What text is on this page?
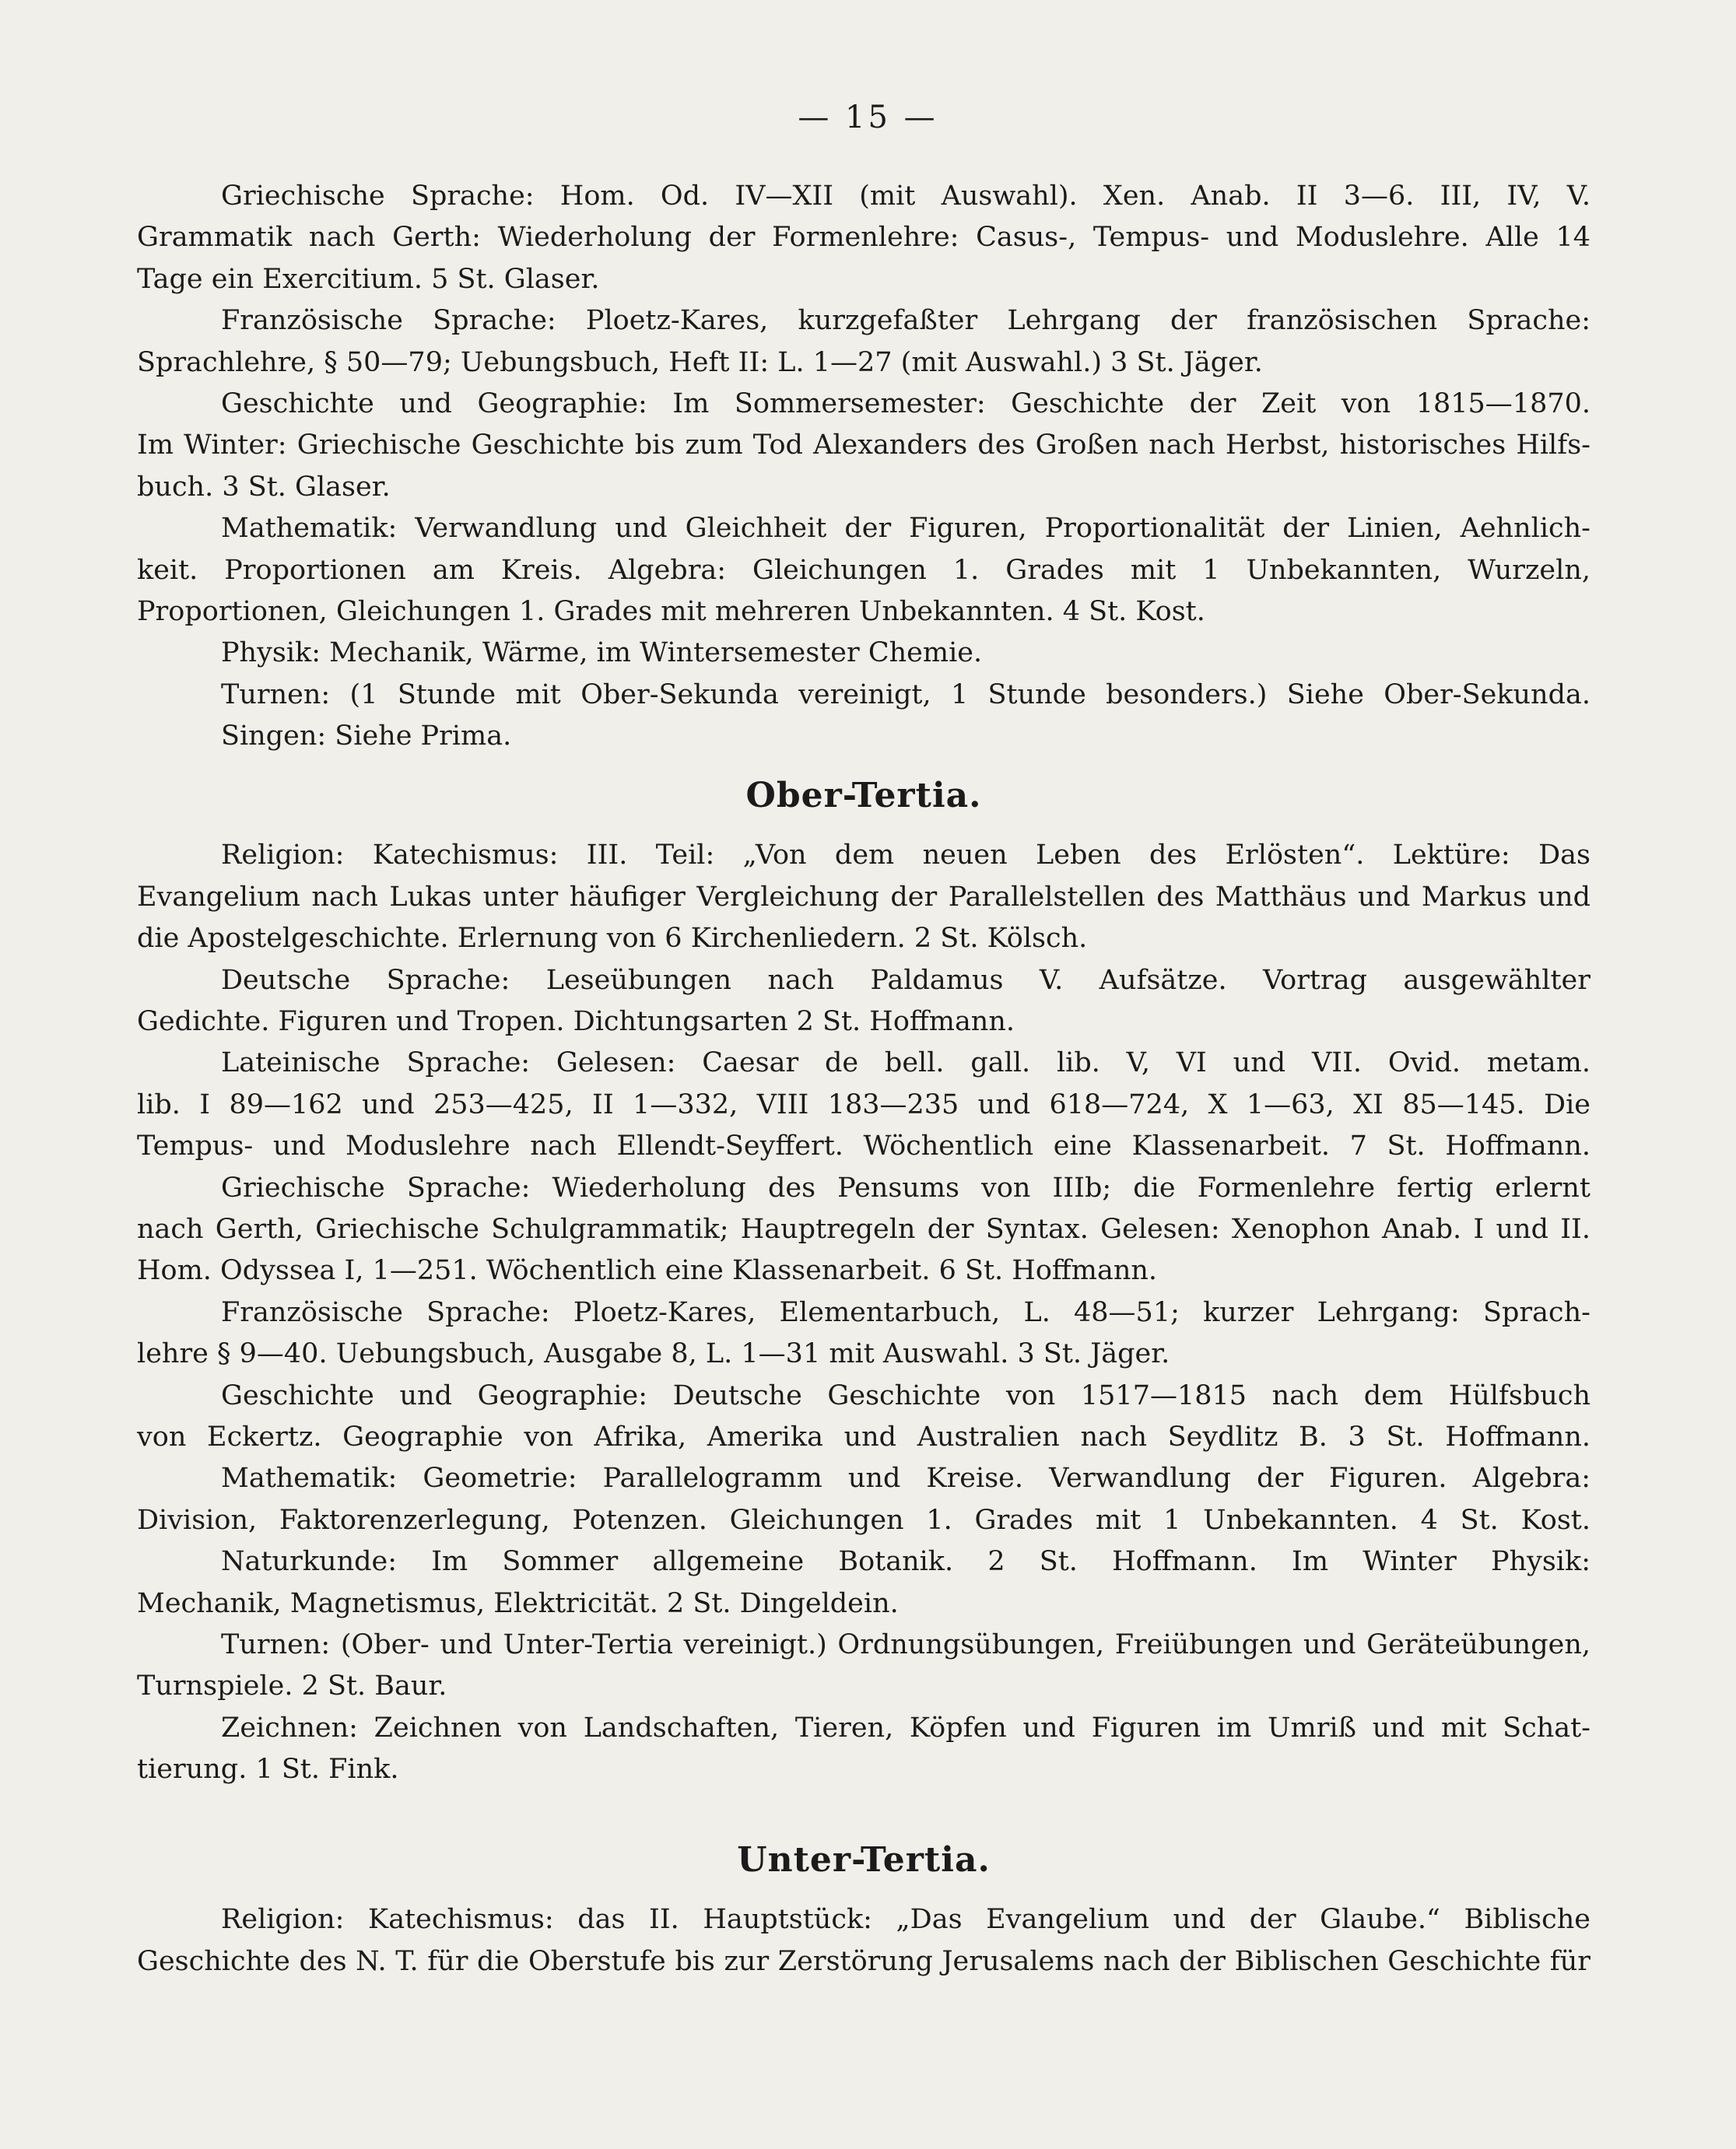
— 15 —
Griechische Sprache: Hom. Od. IV—XII (mit Auswahl). Xen. Anab. II 3—6. III, IV, V.
Grammatik nach Gerth: Wiederholung der Formenlehre: Casus-, Tempus- und Moduslehre. Alle 14
Tage ein Exercitium. 5 St. Glaser.
Französische Sprache: Ploetz-Kares, kurzgefaßter Lehrgang der französischen Sprache:
Sprachlehre, § 50—79; Uebungsbuch, Heft II: L. 1—27 (mit Auswahl.) 3 St. Jäger.
Geschichte und Geographie: Im Sommersemester: Geschichte der Zeit von 1815—1870.
Im Winter: Griechische Geschichte bis zum Tod Alexanders des Großen nach Herbst, historisches Hilfs-
buch. 3 St. Glaser.
Mathematik: Verwandlung und Gleichheit der Figuren, Proportionalität der Linien, Aehnlich-
keit. Proportionen am Kreis. Algebra: Gleichungen 1. Grades mit 1 Unbekannten, Wurzeln,
Proportionen, Gleichungen 1. Grades mit mehreren Unbekannten. 4 St. Kost.
Physik: Mechanik, Wärme, im Wintersemester Chemie.
Turnen: (1 Stunde mit Ober-Sekunda vereinigt, 1 Stunde besonders.) Siehe Ober-Sekunda.
Singen: Siehe Prima.
Ober-Tertia.
Religion: Katechismus: III. Teil: „Von dem neuen Leben des Erlösten“. Lektüre: Das
Evangelium nach Lukas unter häufiger Vergleichung der Parallelstellen des Matthäus und Markus und
die Apostelgeschichte. Erlernung von 6 Kirchenliedern. 2 St. Kölsch.
Deutsche Sprache: Leseübungen nach Paldamus V. Aufsätze. Vortrag ausgewählter
Gedichte. Figuren und Tropen. Dichtungsarten 2 St. Hoffmann.
Lateinische Sprache: Gelesen: Caesar de bell. gall. lib. V, VI und VII. Ovid. metam.
lib. I 89—162 und 253—425, II 1—332, VIII 183—235 und 618—724, X 1—63, XI 85—145. Die
Tempus- und Moduslehre nach Ellendt-Seyffert. Wöchentlich eine Klassenarbeit. 7 St. Hoffmann.
Griechische Sprache: Wiederholung des Pensums von IIIb; die Formenlehre fertig erlernt
nach Gerth, Griechische Schulgrammatik; Hauptregeln der Syntax. Gelesen: Xenophon Anab. I und II.
Hom. Odyssea I, 1—251. Wöchentlich eine Klassenarbeit. 6 St. Hoffmann.
Französische Sprache: Ploetz-Kares, Elementarbuch, L. 48—51; kurzer Lehrgang: Sprach-
lehre § 9—40. Uebungsbuch, Ausgabe 8, L. 1—31 mit Auswahl. 3 St. Jäger.
Geschichte und Geographie: Deutsche Geschichte von 1517—1815 nach dem Hülfsbuch
von Eckertz. Geographie von Afrika, Amerika und Australien nach Seydlitz B. 3 St. Hoffmann.
Mathematik: Geometrie: Parallelogramm und Kreise. Verwandlung der Figuren. Algebra:
Division, Faktorenzerlegung, Potenzen. Gleichungen 1. Grades mit 1 Unbekannten. 4 St. Kost.
Naturkunde: Im Sommer allgemeine Botanik. 2 St. Hoffmann. Im Winter Physik:
Mechanik, Magnetismus, Elektricität. 2 St. Dingeldein.
Turnen: (Ober- und Unter-Tertia vereinigt.) Ordnungsübungen, Freiübungen und Geräteübungen,
Turnspiele. 2 St. Baur.
Zeichnen: Zeichnen von Landschaften, Tieren, Köpfen und Figuren im Umriß und mit Schat-
tierung. 1 St. Fink.
Unter-Tertia.
Religion: Katechismus: das II. Hauptstück: „Das Evangelium und der Glaube.“ Biblische
Geschichte des N. T. für die Oberstufe bis zur Zerstörung Jerusalems nach der Biblischen Geschichte für
